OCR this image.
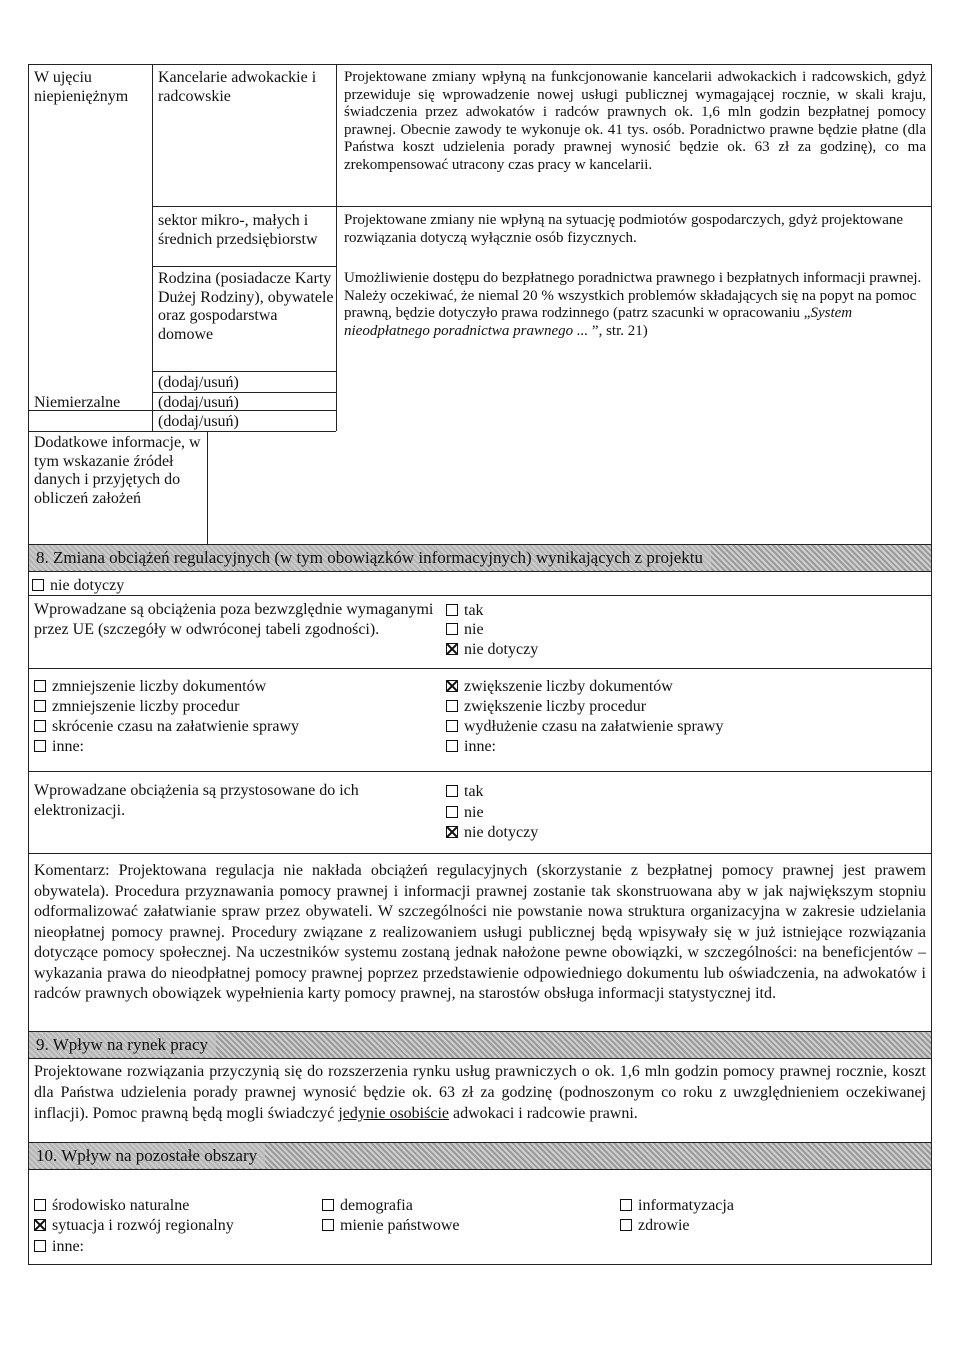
W ujęciu niepieniężnym
Kancelarie adwokackie i radcowskie
Projektowane zmiany wpłyną na funkcjonowanie kancelarii adwokackich i radcowskich, gdyż przewiduje się wprowadzenie nowej usługi publicznej wymagającej rocznie, w skali kraju, świadczenia przez adwokatów i radców prawnych ok. 1,6 mln godzin bezpłatnej pomocy prawnej. Obecnie zawody te wykonuje ok. 41 tys. osób. Poradnictwo prawne będzie płatne (dla Państwa koszt udzielenia porady prawnej wynosić będzie ok. 63 zł za godzinę), co ma zrekompensować utracony czas pracy w kancelarii.
sektor mikro-, małych i średnich przedsiębiorstw
Projektowane zmiany nie wpłyną na sytuację podmiotów gospodarczych, gdyż projektowane rozwiązania dotyczą wyłącznie osób fizycznych.
Rodzina (posiadacze Karty Dużej Rodziny), obywatele oraz gospodarstwa domowe
Umożliwienie dostępu do bezpłatnego poradnictwa prawnego i bezpłatnych informacji prawnej. Należy oczekiwać, że niemal 20 % wszystkich problemów składających się na popyt na pomoc prawną, będzie dotyczyło prawa rodzinnego (patrz szacunki w opracowaniu „System nieodpłatnego poradnictwa prawnego ... ”, str. 21)
(dodaj/usuń)
Niemierzalne (dodaj/usuń)
(dodaj/usuń)
Dodatkowe informacje, w tym wskazanie źródeł danych i przyjętych do obliczeń założeń
8. Zmiana obciążeń regulacyjnych (w tym obowiązków informacyjnych) wynikających z projektu
nie dotyczy
Wprowadzane są obciążenia poza bezwzględnie wymaganymi przez UE (szczegóły w odwróconej tabeli zgodności).
tak
nie
nie dotyczy
zmniejszenie liczby dokumentów
zmniejszenie liczby procedur
skrócenie czasu na załatwienie sprawy
inne:
zwiększenie liczby dokumentów
zwiększenie liczby procedur
wydłużenie czasu na załatwienie sprawy
inne:
Wprowadzane obciążenia są przystosowane do ich elektronizacji.
tak
nie
nie dotyczy
Komentarz: Projektowana regulacja nie nakłada obciążeń regulacyjnych (skorzystanie z bezpłatnej pomocy prawnej jest prawem obywatela). Procedura przyznawania pomocy prawnej i informacji prawnej zostanie tak skonstruowana aby w jak największym stopniu odformalizować załatwianie spraw przez obywateli. W szczególności nie powstanie nowa struktura organizacyjna w zakresie udzielania nieopłatnej pomocy prawnej. Procedury związane z realizowaniem usługi publicznej będą wpisywały się w już istniejące rozwiązania dotyczące pomocy społecznej. Na uczestników systemu zostaną jednak nałożone pewne obowiązki, w szczególności: na beneficjentów – wykazania prawa do nieodpłatnej pomocy prawnej poprzez przedstawienie odpowiedniego dokumentu lub oświadczenia, na adwokatów i radców prawnych obowiązek wypełnienia karty pomocy prawnej, na starostów obsługa informacji statystycznej itd.
9. Wpływ na rynek pracy
Projektowane rozwiązania przyczynią się do rozszerzenia rynku usług prawniczych o ok. 1,6 mln godzin pomocy prawnej rocznie, koszt dla Państwa udzielenia porady prawnej wynosić będzie ok. 63 zł za godzinę (podnoszonym co roku z uwzględnieniem oczekiwanej inflacji). Pomoc prawną będą mogli świadczyć jedynie osobiście adwokaci i radcowie prawni.
10. Wpływ na pozostałe obszary
środowisko naturalne
sytuacja i rozwój regionalny
inne:
demografia
mienie państwowe
informatyzacja
zdrowie
